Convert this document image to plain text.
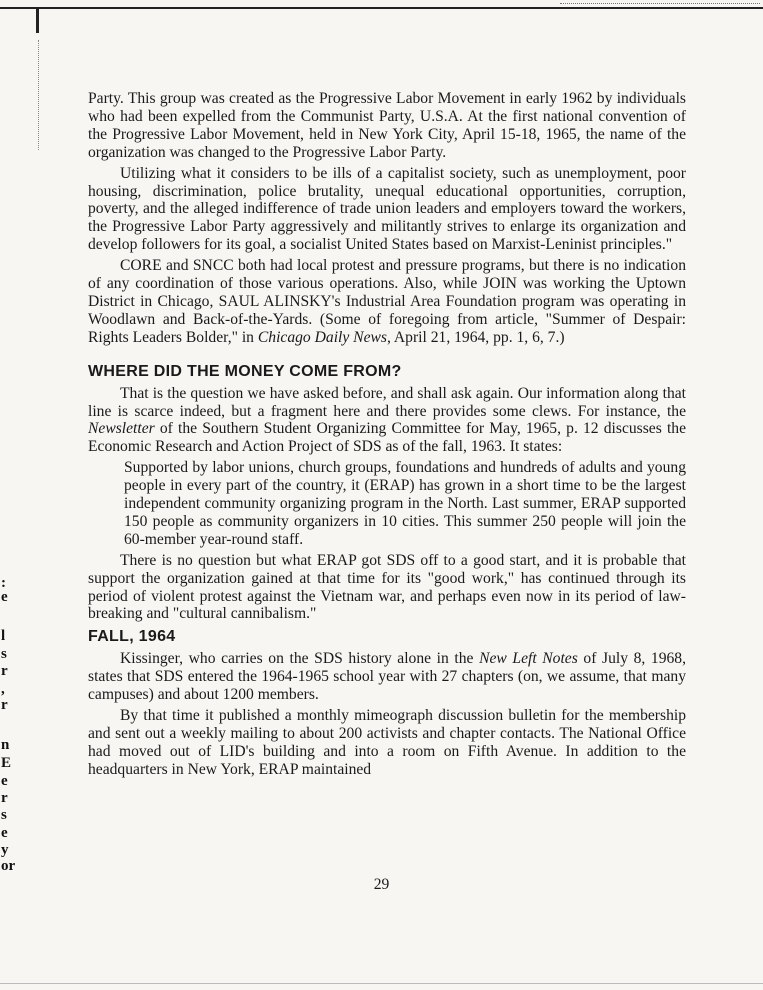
:
e
l
s
r
,
r
n
E
e
r
s
e
y
or

Party. This group was created as the Progressive Labor Movement in early 1962 by individuals who had been expelled from the Communist Party, U.S.A. At the first national convention of the Progressive Labor Movement, held in New York City, April 15-18, 1965, the name of the organization was changed to the Progressive Labor Party.

Utilizing what it considers to be ills of a capitalist society, such as unemployment, poor housing, discrimination, police brutality, unequal educational opportunities, corruption, poverty, and the alleged indifference of trade union leaders and employers toward the workers, the Progressive Labor Party aggressively and militantly strives to enlarge its organization and develop followers for its goal, a socialist United States based on Marxist-Leninist principles."

CORE and SNCC both had local protest and pressure programs, but there is no indication of any coordination of those various operations. Also, while JOIN was working the Uptown District in Chicago, SAUL ALINSKY's Industrial Area Foundation program was operating in Woodlawn and Back-of-the-Yards. (Some of foregoing from article, "Summer of Despair: Rights Leaders Bolder," in Chicago Daily News, April 21, 1964, pp. 1, 6, 7.)

WHERE DID THE MONEY COME FROM?

That is the question we have asked before, and shall ask again. Our information along that line is scarce indeed, but a fragment here and there provides some clews. For instance, the Newsletter of the Southern Student Organizing Committee for May, 1965, p. 12 discusses the Economic Research and Action Project of SDS as of the fall, 1963. It states:

Supported by labor unions, church groups, foundations and hundreds of adults and young people in every part of the country, it (ERAP) has grown in a short time to be the largest independent community organizing program in the North. Last summer, ERAP supported 150 people as community organizers in 10 cities. This summer 250 people will join the 60-member year-round staff.

There is no question but what ERAP got SDS off to a good start, and it is probable that support the organization gained at that time for its "good work," has continued through its period of violent protest against the Vietnam war, and perhaps even now in its period of law-breaking and "cultural cannibalism."

FALL, 1964

Kissinger, who carries on the SDS history alone in the New Left Notes of July 8, 1968, states that SDS entered the 1964-1965 school year with 27 chapters (on, we assume, that many campuses) and about 1200 members.

By that time it published a monthly mimeograph discussion bulletin for the membership and sent out a weekly mailing to about 200 activists and chapter contacts. The National Office had moved out of LID's building and into a room on Fifth Avenue. In addition to the headquarters in New York, ERAP maintained

29
